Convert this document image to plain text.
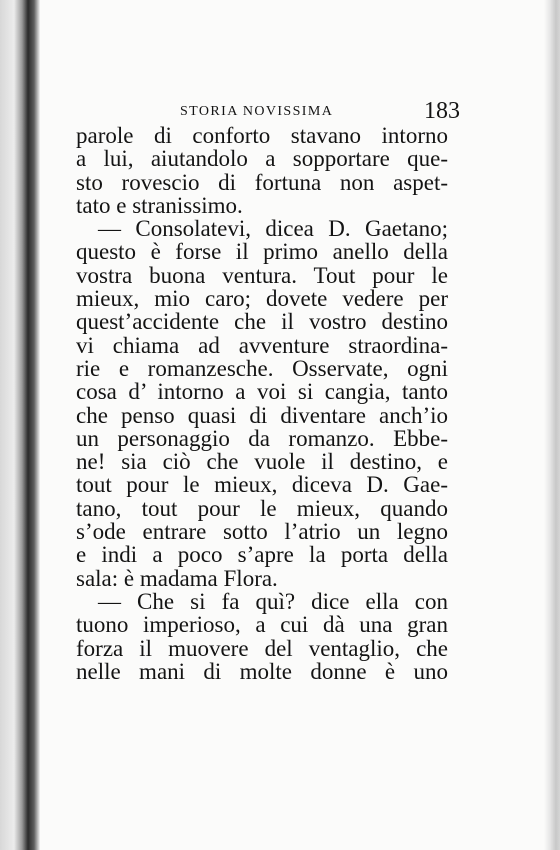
STORIA NOVISSIMA	183
parole di conforto stavano intorno
a lui, aiutandolo a sopportare que-
sto rovescio di fortuna non aspet-
tato e stranissimo.
— Consolatevi, dicea D. Gaetano;
questo è forse il primo anello della
vostra buona ventura. Tout pour le
mieux, mio caro; dovete vedere per
quest’accidente che il vostro destino
vi chiama ad avventure straordina-
rie e romanzesche. Osservate, ogni
cosa d’ intorno a voi si cangia, tanto
che penso quasi di diventare anch’io
un personaggio da romanzo. Ebbe-
ne! sia ciò che vuole il destino, e
tout pour le mieux, diceva D. Gae-
tano, tout pour le mieux, quando
s’ode entrare sotto l’atrio un legno
e indi a poco s’apre la porta della
sala: è madama Flora.
— Che si fa quì? dice ella con
tuono imperioso, a cui dà una gran
forza il muovere del ventaglio, che
nelle mani di molte donne è uno
